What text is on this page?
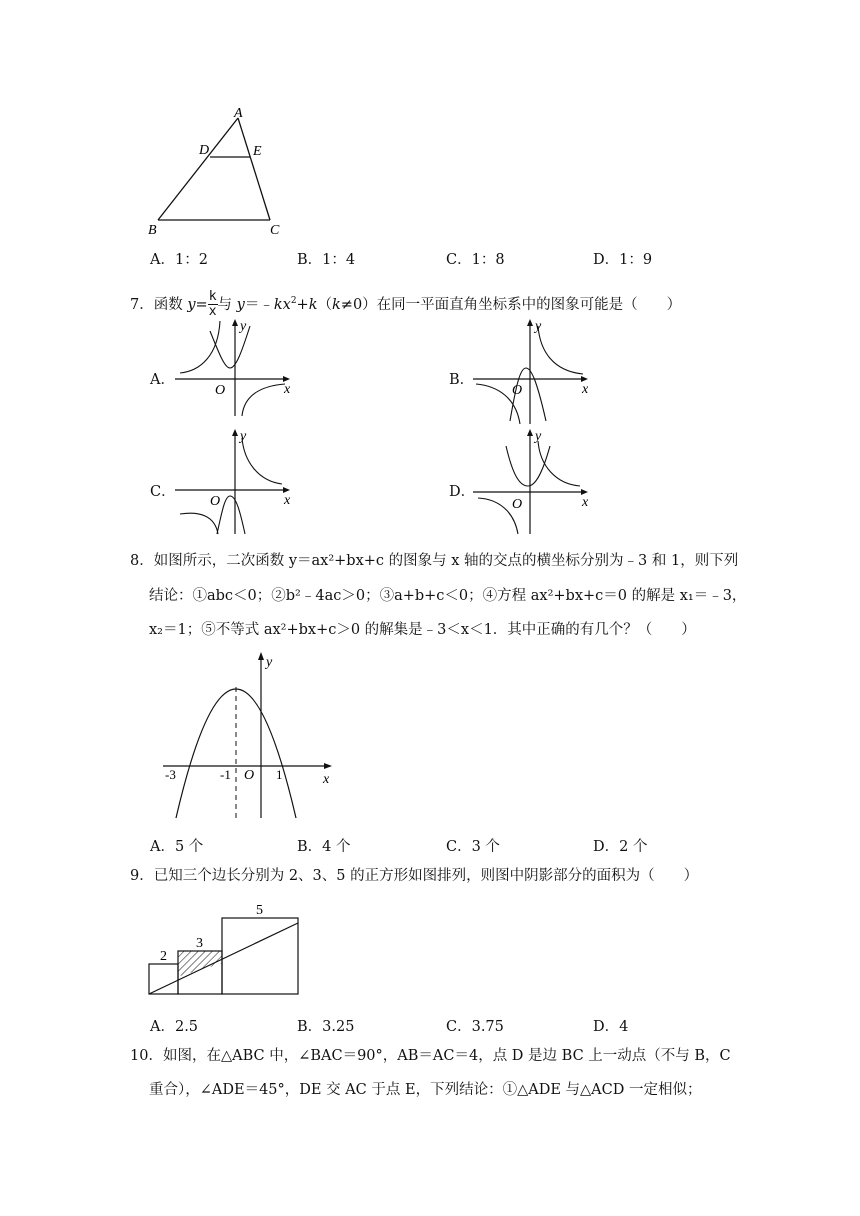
A
D	E
B	C
A．1：2	B．1：4	C．1：8	D．1：9
7．函数 $y= \frac{k}{x}$ 与 $y=﹣kx^2+k(k\ne 0)$在同一平面直角坐标系中的图象可能是（　　）
A．
x
y
O
B．
x
y
O
C．
x
y
O
D．
x
y
O
8．如图所示，二次函数 y＝ax²+bx+c 的图象与 x 轴的交点的横坐标分别为﹣3 和 1，则下列
结论：①abc＜0；②b²﹣4ac＞0；③a+b+c＜0；④方程 ax²+bx+c＝0 的解是 x₁＝﹣3，
x₂＝1；⑤不等式 ax²+bx+c＞0 的解集是﹣3＜x＜1．其中正确的有几个？（　　）
-3	-1 O 1	x
y
A．5 个	B．4 个	C．3 个	D．2 个
9．已知三个边长分别为 2、3、5 的正方形如图排列，则图中阴影部分的面积为（　　）
2
3
5
A．2.5	B．3.25	C．3.75	D．4
10．如图，在△ABC 中，∠BAC＝90°，AB＝AC＝4，点 D 是边 BC 上一动点（不与 B，C
重合），∠ADE＝45°，DE 交 AC 于点 E，下列结论：①△ADE 与△ACD 一定相似；
